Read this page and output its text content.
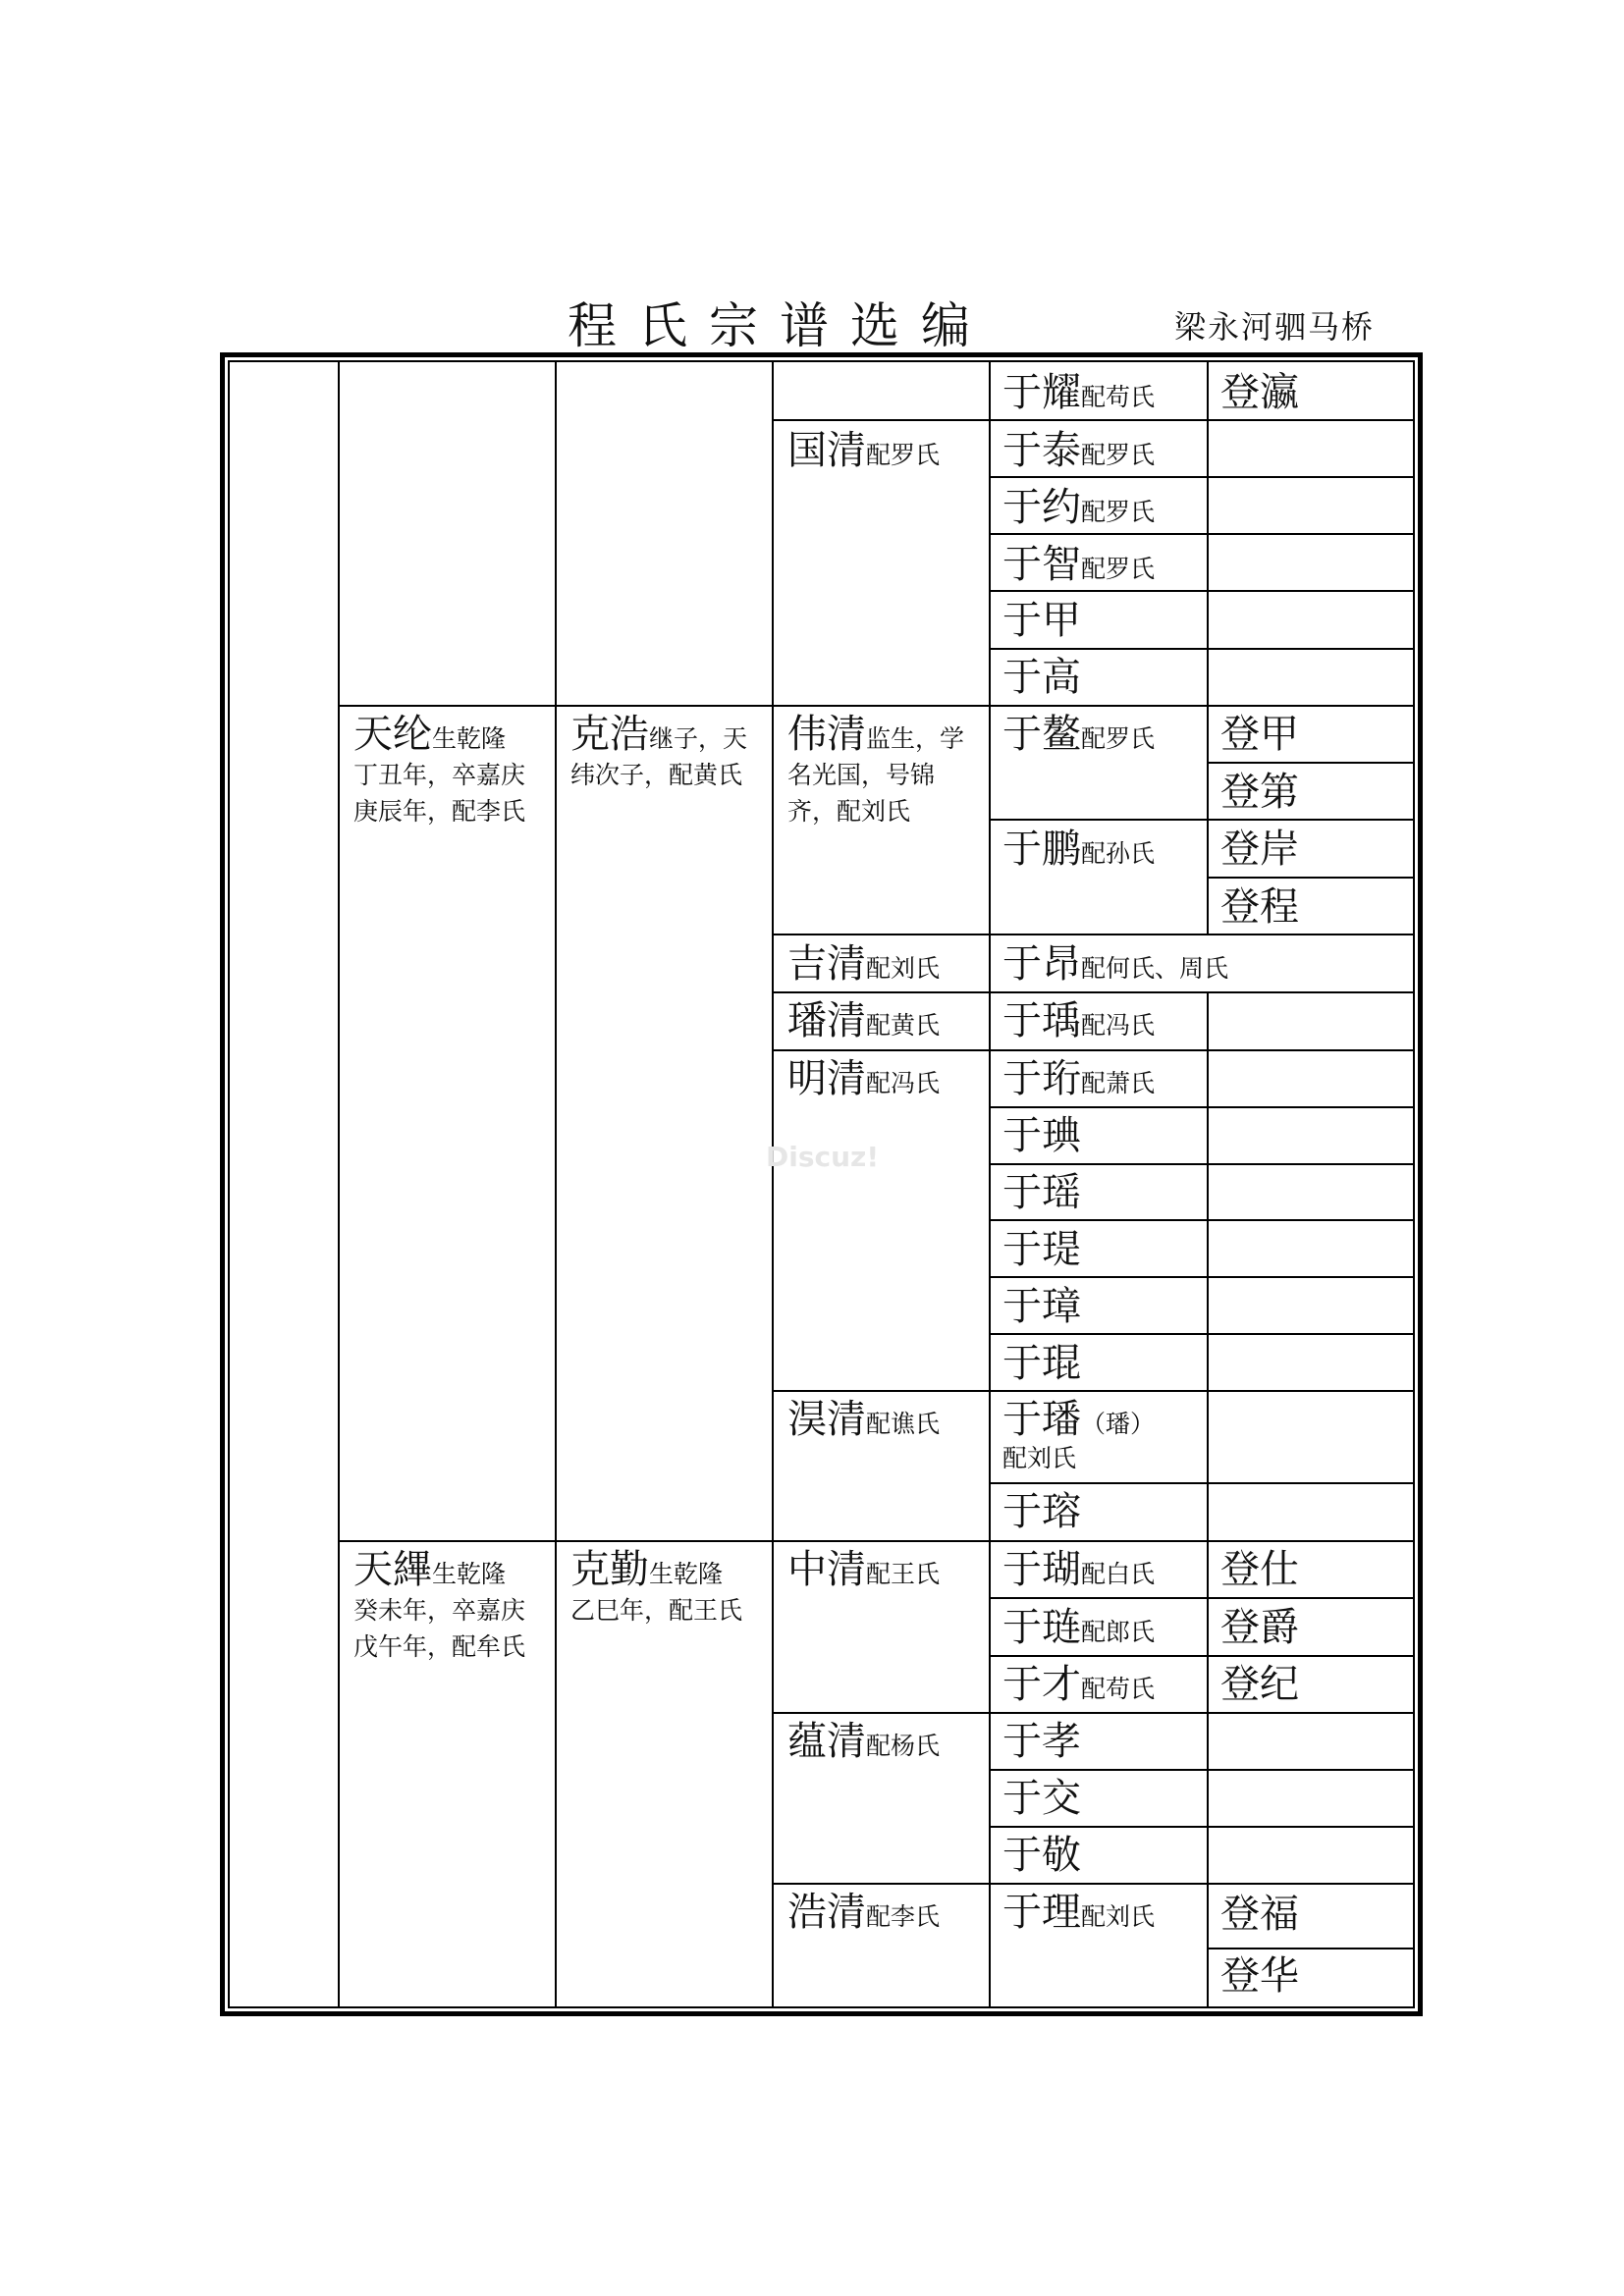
程氏宗谱选编	梁永河驷马桥
Discuz!
天纶生乾隆
丁丑年，卒嘉庆
庚辰年，配李氏
天縪生乾隆
癸未年，卒嘉庆
戊午年，配牟氏
克浩继子，天
纬次子，配黄氏
克勤生乾隆
乙巳年，配王氏
国清配罗氏
伟清监生，学
名光国，号锦
齐，配刘氏
吉清配刘氏
璠清配黄氏
明清配冯氏
淏清配谯氏
中清配王氏
蕴清配杨氏
浩清配李氏
于耀配苟氏
于泰配罗氏
于约配罗氏
于智配罗氏
于甲
于高
于鳌配罗氏
于鹏配孙氏
于昂配何氏、周氏
于瑀配冯氏
于珩配萧氏
于琠
于瑶
于瑅
于璋
于琨
于璠（璠）
配刘氏
于瑢
于瑚配白氏
于琏配郎氏
于才配苟氏
于孝
于交
于敬
于理配刘氏
登瀛
登甲
登第
登岸
登程
登仕
登爵
登纪
登福
登华
